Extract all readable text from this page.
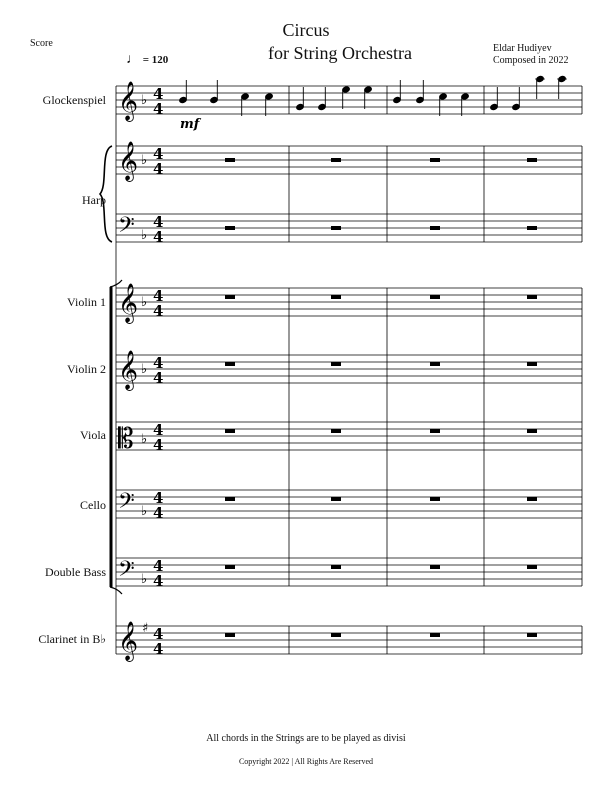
Score
Circus
for String Orchestra	Eldar Hudiyev
Composed in 2022
♩ = 120
Glockenspiel
Harp
Violin 1
Violin 2
Viola
Cello
Double Bass
Clarinet in B♭
𝄞
𝄞
𝄢
𝄞
𝄞
𝄡
𝄢
𝄢
𝄞
♭
♭
♭
♭
♭
♭
♭
♭
♯
4
4
4
4
4
4
4
4
4
4
4
4
4
4
4
4
4
4
mf
All chords in the Strings are to be played as divisi
Copyright 2022 | All Rights Are Reserved
